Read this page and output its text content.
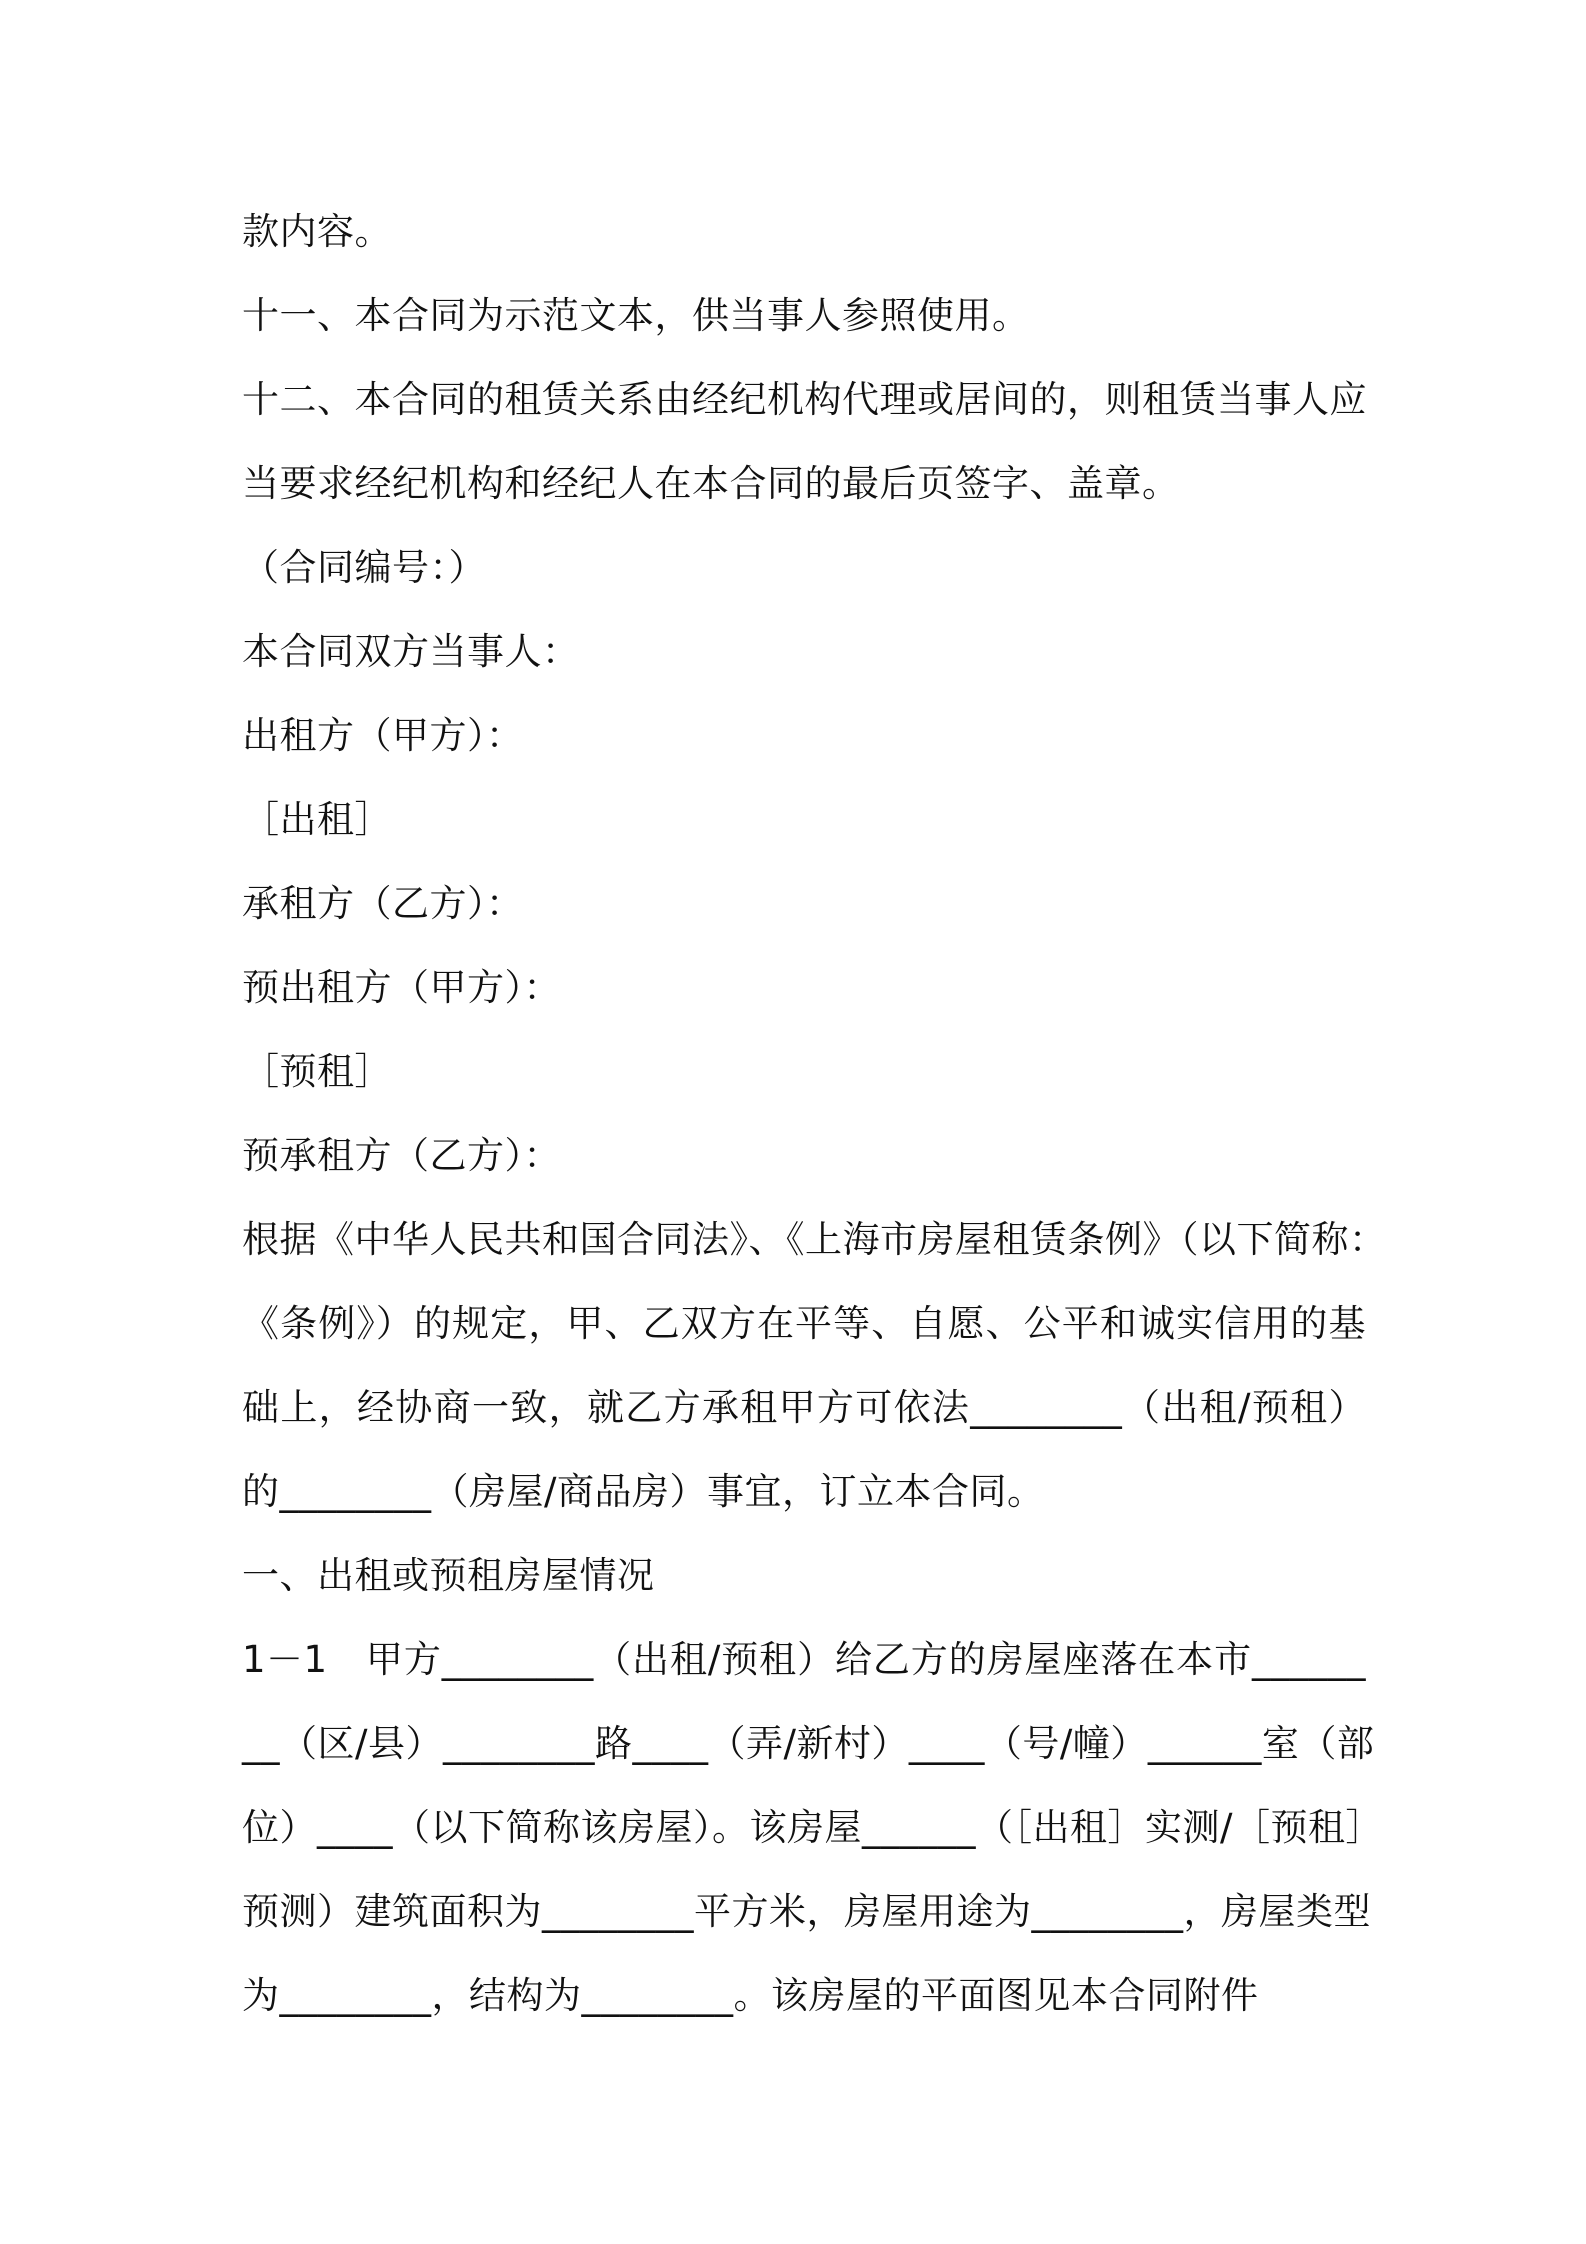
款内容。
十一、本合同为示范文本，供当事人参照使用。
十二、本合同的租赁关系由经纪机构代理或居间的，则租赁当事人应
当要求经纪机构和经纪人在本合同的最后页签字、盖章。
（合同编号：）
本合同双方当事人：
出租方（甲方）：
［出租］
承租方（乙方）：
预出租方（甲方）：
［预租］
预承租方（乙方）：
根据《中华人民共和国合同法》、《上海市房屋租赁条例》（以下简称：
《条例》）的规定，甲、乙双方在平等、自愿、公平和诚实信用的基
础上，经协商一致，就乙方承租甲方可依法________（出租/预租）
的________（房屋/商品房）事宜，订立本合同。
一、出租或预租房屋情况
1－1　甲方________（出租/预租）给乙方的房屋座落在本市______
__（区/县）________路____（弄/新村）____（号/幢）______室（部
位）____（以下简称该房屋）。该房屋______（［出租］实测/［预租］
预测）建筑面积为________平方米，房屋用途为________，房屋类型
为________，结构为________。该房屋的平面图见本合同附件
